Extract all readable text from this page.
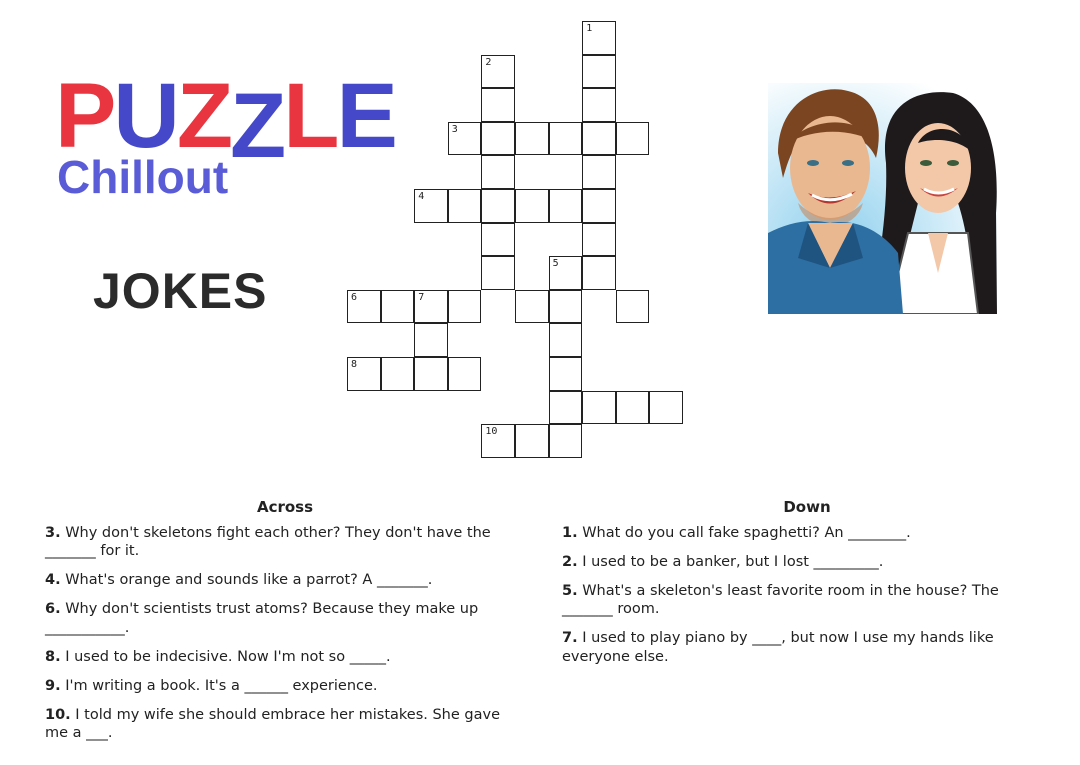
PUZZLE
Chillout
JOKES
1
2
3
4
5
6	7
8
10
Across
3. Why don't skeletons fight each other? They don't have the _______ for it.
4. What's orange and sounds like a parrot? A _______.
6. Why don't scientists trust atoms? Because they make up ___________.
8. I used to be indecisive. Now I'm not so _____.
9. I'm writing a book. It's a ______ experience.
10. I told my wife she should embrace her mistakes. She gave me a ___.
Down
1. What do you call fake spaghetti? An ________.
2. I used to be a banker, but I lost _________.
5. What's a skeleton's least favorite room in the house? The _______ room.
7. I used to play piano by ____, but now I use my hands like everyone else.
